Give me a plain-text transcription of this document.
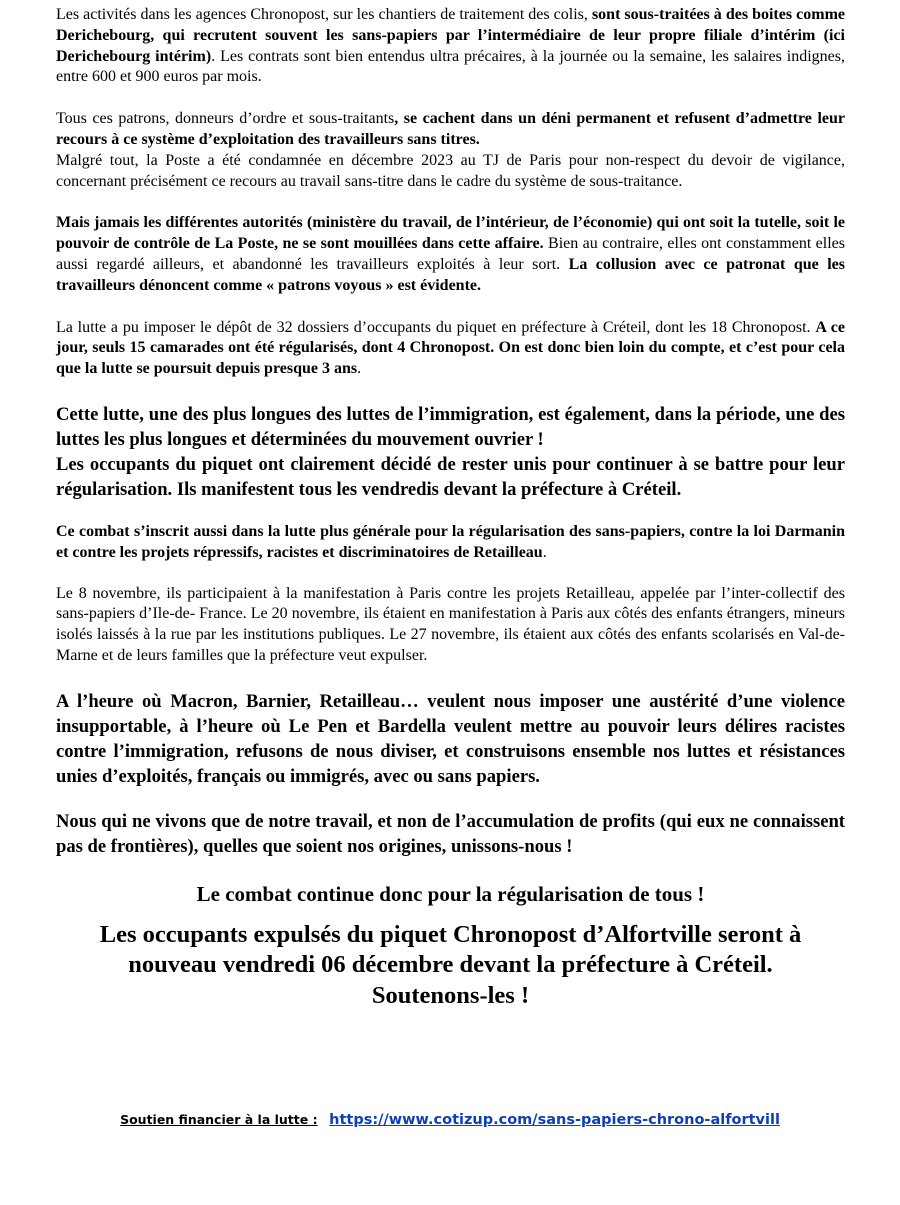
Les activités dans les agences Chronopost, sur les chantiers de traitement des colis, sont sous-traitées à des boites comme Derichebourg, qui recrutent souvent les sans-papiers par l’intermédiaire de leur propre filiale d’intérim (ici Derichebourg intérim). Les contrats sont bien entendus ultra précaires, à la journée ou la semaine, les salaires indignes, entre 600 et 900 euros par mois.

Tous ces patrons, donneurs d’ordre et sous-traitants, se cachent dans un déni permanent et refusent d’admettre leur recours à ce système d’exploitation des travailleurs sans titres.

Malgré tout, la Poste a été condamnée en décembre 2023 au TJ de Paris pour non-respect du devoir de vigilance, concernant précisément ce recours au travail sans-titre dans le cadre du système de sous-traitance.

Mais jamais les différentes autorités (ministère du travail, de l’intérieur, de l’économie) qui ont soit la tutelle, soit le pouvoir de contrôle de La Poste, ne se sont mouillées dans cette affaire. Bien au contraire, elles ont constamment elles aussi regardé ailleurs, et abandonné les travailleurs exploités à leur sort. La collusion avec ce patronat que les travailleurs dénoncent comme « patrons voyous » est évidente.

La lutte a pu imposer le dépôt de 32 dossiers d’occupants du piquet en préfecture à Créteil, dont les 18 Chronopost. A ce jour, seuls 15 camarades ont été régularisés, dont 4 Chronopost. On est donc bien loin du compte, et c’est pour cela que la lutte se poursuit depuis presque 3 ans.

Cette lutte, une des plus longues des luttes de l’immigration, est également, dans la période, une des luttes les plus longues et déterminées du mouvement ouvrier !

Les occupants du piquet ont clairement décidé de rester unis pour continuer à se battre pour leur régularisation. Ils manifestent tous les vendredis devant la préfecture à Créteil.

Ce combat s’inscrit aussi dans la lutte plus générale pour la régularisation des sans-papiers, contre la loi Darmanin et contre les projets répressifs, racistes et discriminatoires de Retailleau.

Le 8 novembre, ils participaient à la manifestation à Paris contre les projets Retailleau, appelée par l’inter-collectif des sans-papiers d’Ile-de- France. Le 20 novembre, ils étaient en manifestation à Paris aux côtés des enfants étrangers, mineurs isolés laissés à la rue par les institutions publiques. Le 27 novembre, ils étaient aux côtés des enfants scolarisés en Val-de-Marne et de leurs familles que la préfecture veut expulser.

A l’heure où Macron, Barnier, Retailleau… veulent nous imposer une austérité d’une violence insupportable, à l’heure où Le Pen et Bardella veulent mettre au pouvoir leurs délires racistes contre l’immigration, refusons de nous diviser, et construisons ensemble nos luttes et résistances unies d’exploités, français ou immigrés, avec ou sans papiers.

Nous qui ne vivons que de notre travail, et non de l’accumulation de profits (qui eux ne connaissent pas de frontières), quelles que soient nos origines, unissons-nous !

Le combat continue donc pour la régularisation de tous !

Les occupants expulsés du piquet Chronopost d’Alfortville seront à

nouveau vendredi 06 décembre devant la préfecture à Créteil.

Soutenons-les !

Soutien financier à la lutte : https://www.cotizup.com/sans-papiers-chrono-alfortvill
